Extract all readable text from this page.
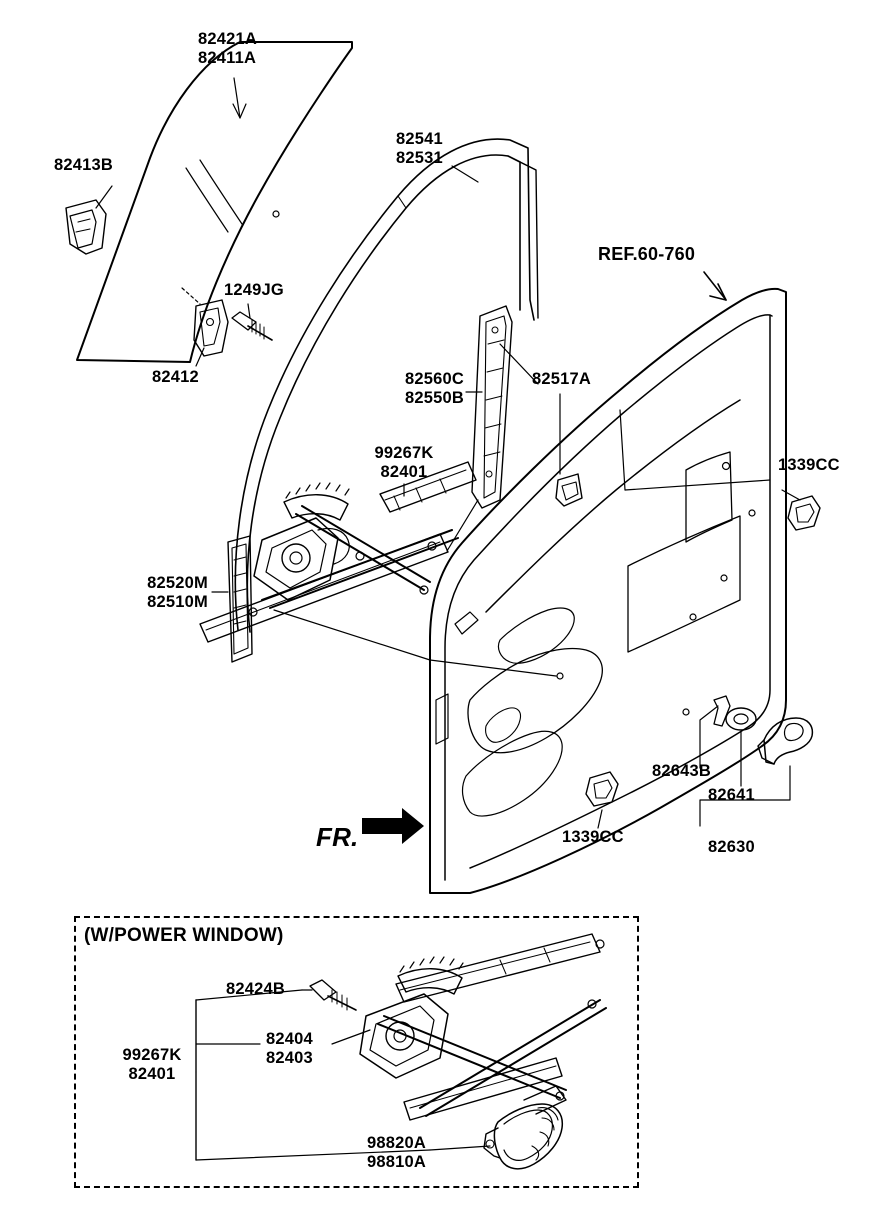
82421A
82411A
82541
82531
REF.60-760
82413B
1249JG
82412	82560C
82550B
82517A
99267K
82401
82520M
82510M
1339CC
1339CC
82643B
82641
82630
FR.
(W/POWER WINDOW)
82424B
82404
82403
99267K
82401
98820A
98810A
